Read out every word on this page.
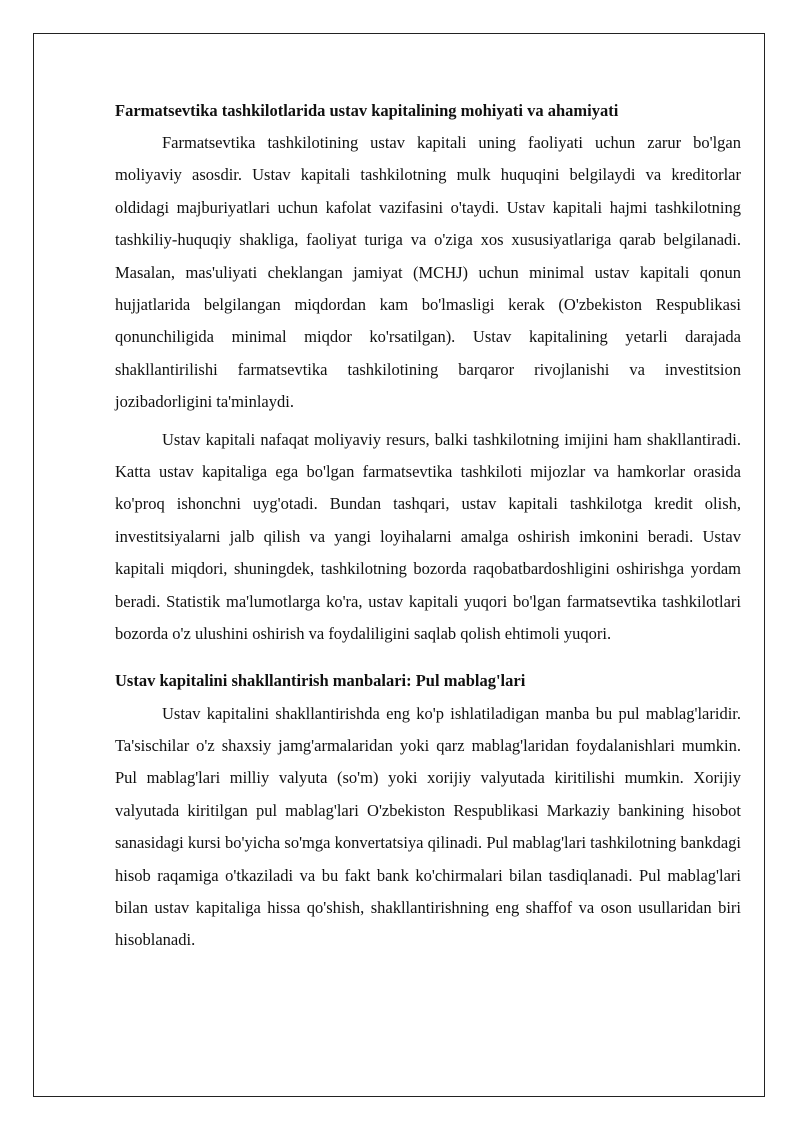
Farmatsevtika tashkilotlarida ustav kapitalining mohiyati va ahamiyati

Farmatsevtika tashkilotining ustav kapitali uning faoliyati uchun zarur bo'lgan moliyaviy asosdir. Ustav kapitali tashkilotning mulk huquqini belgilaydi va kreditorlar oldidagi majburiyatlari uchun kafolat vazifasini o'taydi. Ustav kapitali hajmi tashkilotning tashkiliy-huquqiy shakliga, faoliyat turiga va o'ziga xos xususiyatlariga qarab belgilanadi. Masalan, mas'uliyati cheklangan jamiyat (MCHJ) uchun minimal ustav kapitali qonun hujjatlarida belgilangan miqdordan kam bo'lmasligi kerak (O'zbekiston Respublikasi qonunchiligida minimal miqdor ko'rsatilgan). Ustav kapitalining yetarli darajada shakllantirilishi farmatsevtika tashkilotining barqaror rivojlanishi va investitsion jozibadorligini ta'minlaydi.

Ustav kapitali nafaqat moliyaviy resurs, balki tashkilotning imijini ham shakllantiradi. Katta ustav kapitaliga ega bo'lgan farmatsevtika tashkiloti mijozlar va hamkorlar orasida ko'proq ishonchni uyg'otadi. Bundan tashqari, ustav kapitali tashkilotga kredit olish, investitsiyalarni jalb qilish va yangi loyihalarni amalga oshirish imkonini beradi. Ustav kapitali miqdori, shuningdek, tashkilotning bozorda raqobatbardoshligini oshirishga yordam beradi. Statistik ma'lumotlarga ko'ra, ustav kapitali yuqori bo'lgan farmatsevtika tashkilotlari bozorda o'z ulushini oshirish va foydaliligini saqlab qolish ehtimoli yuqori.

Ustav kapitalini shakllantirish manbalari: Pul mablag'lari

Ustav kapitalini shakllantirishda eng ko'p ishlatiladigan manba bu pul mablag'laridir. Ta'sischilar o'z shaxsiy jamg'armalaridan yoki qarz mablag'laridan foydalanishlari mumkin. Pul mablag'lari milliy valyuta (so'm) yoki xorijiy valyutada kiritilishi mumkin. Xorijiy valyutada kiritilgan pul mablag'lari O'zbekiston Respublikasi Markaziy bankining hisobot sanasidagi kursi bo'yicha so'mga konvertatsiya qilinadi. Pul mablag'lari tashkilotning bankdagi hisob raqamiga o'tkaziladi va bu fakt bank ko'chirmalari bilan tasdiqlanadi. Pul mablag'lari bilan ustav kapitaliga hissa qo'shish, shakllantirishning eng shaffof va oson usullaridan biri hisoblanadi.
